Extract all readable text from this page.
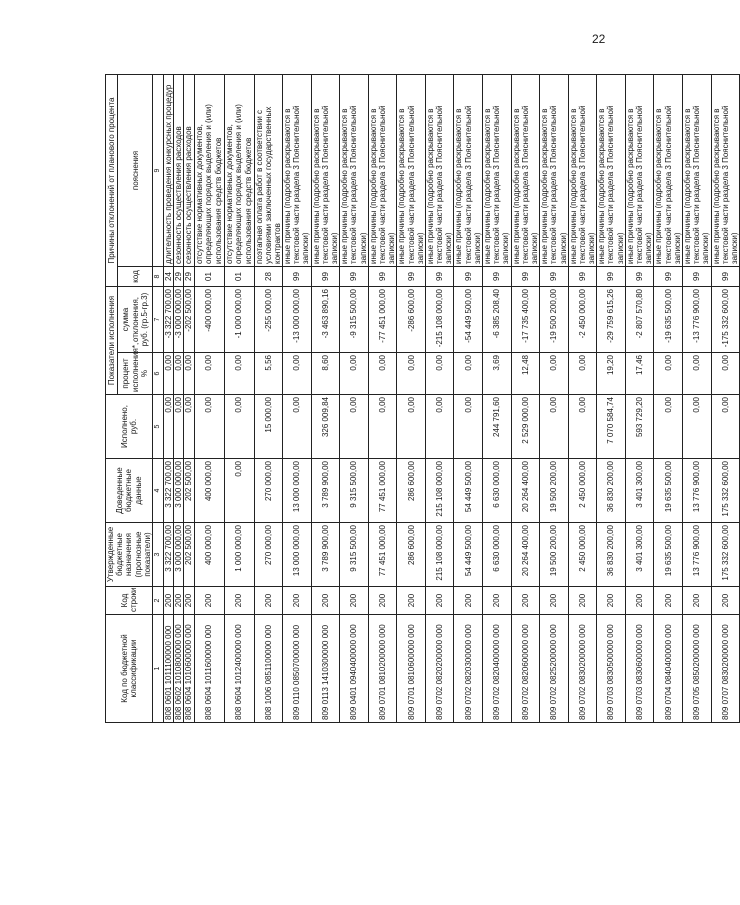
22
Код по бюджетной классификации	Код строки	Утвержденные бюджетные назначения (прогнозные показатели)	Доведенные бюджетные данные	Исполнено, руб.	Показатели исполнения		Причины отклонений от планового процента	
					процент исполнения*, %	сумма отклонения, руб. (гр.5-гр.3)	код	пояснения
1	2	3	4	5	6	7	8	9
808 0601 1011100000 000	200	3 322 700,00	3 322 700,00	0,00	0,00	-3 322 700,00	24	длительность проведения конкурсных процедур
808 0602 1010800000 000	200	3 000 000,00	3 000 000,00	0,00	0,00	-3 000 000,00	29	сезонность осуществления расходов
808 0604 1010600000 000	200	202 500,00	202 500,00	0,00	0,00	-202 500,00	29	сезонность осуществления расходов
808 0604 1011600000 000	200	400 000,00	400 000,00	0,00	0,00	-400 000,00	01	отсутствие нормативных документов, определяющих порядок выделения и (или) использования средств бюджетов
808 0604 1012400000 000	200	1 000 000,00	0,00	0,00	0,00	-1 000 000,00	01	отсутствие нормативных документов, определяющих порядок выделения и (или) использования средств бюджетов
808 1006 0851100000 000	200	270 000,00	270 000,00	15 000,00	5,56	-255 000,00	28	поэтапная оплата работ в соответствии с условиями заключенных государственных контрактов
809 0110 0850700000 000	200	13 000 000,00	13 000 000,00	0,00	0,00	-13 000 000,00	99	иные причины (подробно раскрываются в текстовой части раздела 3 Пояснительной записки)
809 0113 1410300000 000	200	3 789 900,00	3 789 900,00	326 009,84	8,60	-3 463 890,16	99	иные причины (подробно раскрываются в текстовой части раздела 3 Пояснительной записки)
809 0401 0940400000 000	200	9 315 500,00	9 315 500,00	0,00	0,00	-9 315 500,00	99	иные причины (подробно раскрываются в текстовой части раздела 3 Пояснительной записки)
809 0701 0810200000 000	200	77 451 000,00	77 451 000,00	0,00	0,00	-77 451 000,00	99	иные причины (подробно раскрываются в текстовой части раздела 3 Пояснительной записки)
809 0701 0810600000 000	200	286 600,00	286 600,00	0,00	0,00	-286 600,00	99	иные причины (подробно раскрываются в текстовой части раздела 3 Пояснительной записки)
809 0702 0820200000 000	200	215 108 000,00	215 108 000,00	0,00	0,00	-215 108 000,00	99	иные причины (подробно раскрываются в текстовой части раздела 3 Пояснительной записки)
809 0702 0820300000 000	200	54 449 500,00	54 449 500,00	0,00	0,00	-54 449 500,00	99	иные причины (подробно раскрываются в текстовой части раздела 3 Пояснительной записки)
809 0702 0820400000 000	200	6 630 000,00	6 630 000,00	244 791,60	3,69	-6 385 208,40	99	иные причины (подробно раскрываются в текстовой части раздела 3 Пояснительной записки)
809 0702 0820600000 000	200	20 264 400,00	20 264 400,00	2 529 000,00	12,48	-17 735 400,00	99	иные причины (подробно раскрываются в текстовой части раздела 3 Пояснительной записки)
809 0702 0825200000 000	200	19 500 200,00	19 500 200,00	0,00	0,00	-19 500 200,00	99	иные причины (подробно раскрываются в текстовой части раздела 3 Пояснительной записки)
809 0702 0830200000 000	200	2 450 000,00	2 450 000,00	0,00	0,00	-2 450 000,00	99	иные причины (подробно раскрываются в текстовой части раздела 3 Пояснительной записки)
809 0703 0830500000 000	200	36 830 200,00	36 830 200,00	7 070 584,74	19,20	-29 759 615,26	99	иные причины (подробно раскрываются в текстовой части раздела 3 Пояснительной записки)
809 0703 0830600000 000	200	3 401 300,00	3 401 300,00	593 729,20	17,46	-2 807 570,80	99	иные причины (подробно раскрываются в текстовой части раздела 3 Пояснительной записки)
809 0704 0840400000 000	200	19 635 500,00	19 635 500,00	0,00	0,00	-19 635 500,00	99	иные причины (подробно раскрываются в текстовой части раздела 3 Пояснительной записки)
809 0705 0850200000 000	200	13 776 900,00	13 776 900,00	0,00	0,00	-13 776 900,00	99	иные причины (подробно раскрываются в текстовой части раздела 3 Пояснительной записки)
809 0707 0830200000 000	200	175 332 600,00	175 332 600,00	0,00	0,00	-175 332 600,00	99	иные причины (подробно раскрываются в текстовой части раздела 3 Пояснительной записки)
